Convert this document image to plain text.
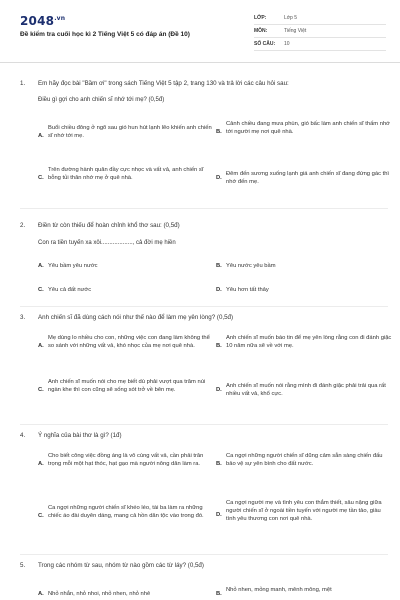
$2048^{.vn}$
Đề kiểm tra cuối học kì 2 Tiếng Việt 5 có đáp án (Đề 10)
LỚP:	Lớp 5
MÔN:	Tiếng Việt
SỐ CÂU:	10
1.	Em hãy đọc bài "Bầm ơi" trong sách Tiếng Việt 5 tập 2, trang 130 và trả lời các câu hỏi sau:
Điều gì gợi cho anh chiến sĩ nhớ tới mẹ? (0,5đ)
A.
Buổi chiều đông ở ngõ sau gió hun hút lạnh lẽo khiến anh chiến sĩ nhớ tới mẹ.
B.
Cảnh chiều đang mưa phùn, gió bấc làm anh chiến sĩ thấm nhớ tới người mẹ nơi quê nhà.
C.
Trên đường hành quân đầy cực nhọc và vất vả, anh chiến sĩ bỗng tủi thân nhớ mẹ ở quê nhà.	D.
Đêm đến sương xuống lạnh giá anh chiến sĩ đang đứng gác thì nhớ đến mẹ.
2.	Điền từ còn thiếu để hoàn chỉnh khổ thơ sau: (0,5đ)
Con ra tiền tuyến xa xôi..................., cả đời mẹ hiền
A. Yêu bầm yêu nước	B. Yêu nước yêu bầm
C. Yêu cả đất nước	D. Yêu hơn tất thảy
3.	Anh chiến sĩ đã dùng cách nói như thế nào để làm mẹ yên lòng? (0,5đ)
A.
Mẹ dùng lo nhiều cho con, những việc con đang làm không thể so sánh với những vất vả, khó nhọc của mẹ nơi quê nhà.	B.
Anh chiến sĩ muốn báo tin để mẹ yên lòng rằng con đi đánh giặc 10 năm nữa sẽ về với mẹ.
C.
Anh chiến sĩ muốn nói cho mẹ biết dù phải vượt qua trăm núi ngàn khe thì con cũng sẽ sống sót trở về bên mẹ.	D.
Anh chiến sĩ muốn nói rằng mình đi đánh giặc phải trải qua rất nhiều vất vả, khổ cực.
4.	Ý nghĩa của bài thơ là gì? (1đ)
A.
Cho biết công việc đồng áng là vô cùng vất vả, cần phải trân trọng mỗi một hạt thóc, hạt gạo mà người nông dân làm ra.	B.
Ca ngợi những người chiến sĩ dũng cảm sẵn sàng chiến đấu bảo vệ sự yên bình cho đất nước.
C.
Ca ngợi những người chiến sĩ khéo léo, tài ba làm ra những chiếc áo đài duyên dáng, mang cả hồn dân tộc vào trong đó.	D.
Ca ngợi người mẹ và tình yêu con thắm thiết, sâu nặng giữa người chiến sĩ ở ngoài tiền tuyến với người mẹ tần tảo, giàu tình yêu thương con nơi quê nhà.
5.	Trong các nhóm từ sau, nhóm từ nào gồm các từ láy? (0,5đ)
A. Nhỏ nhắn, nhỏ nhoi, nhỏ nhen, nhỏ nhẻ	B.
Nhỏ nhen, mỏng manh, mênh mông, mệt
